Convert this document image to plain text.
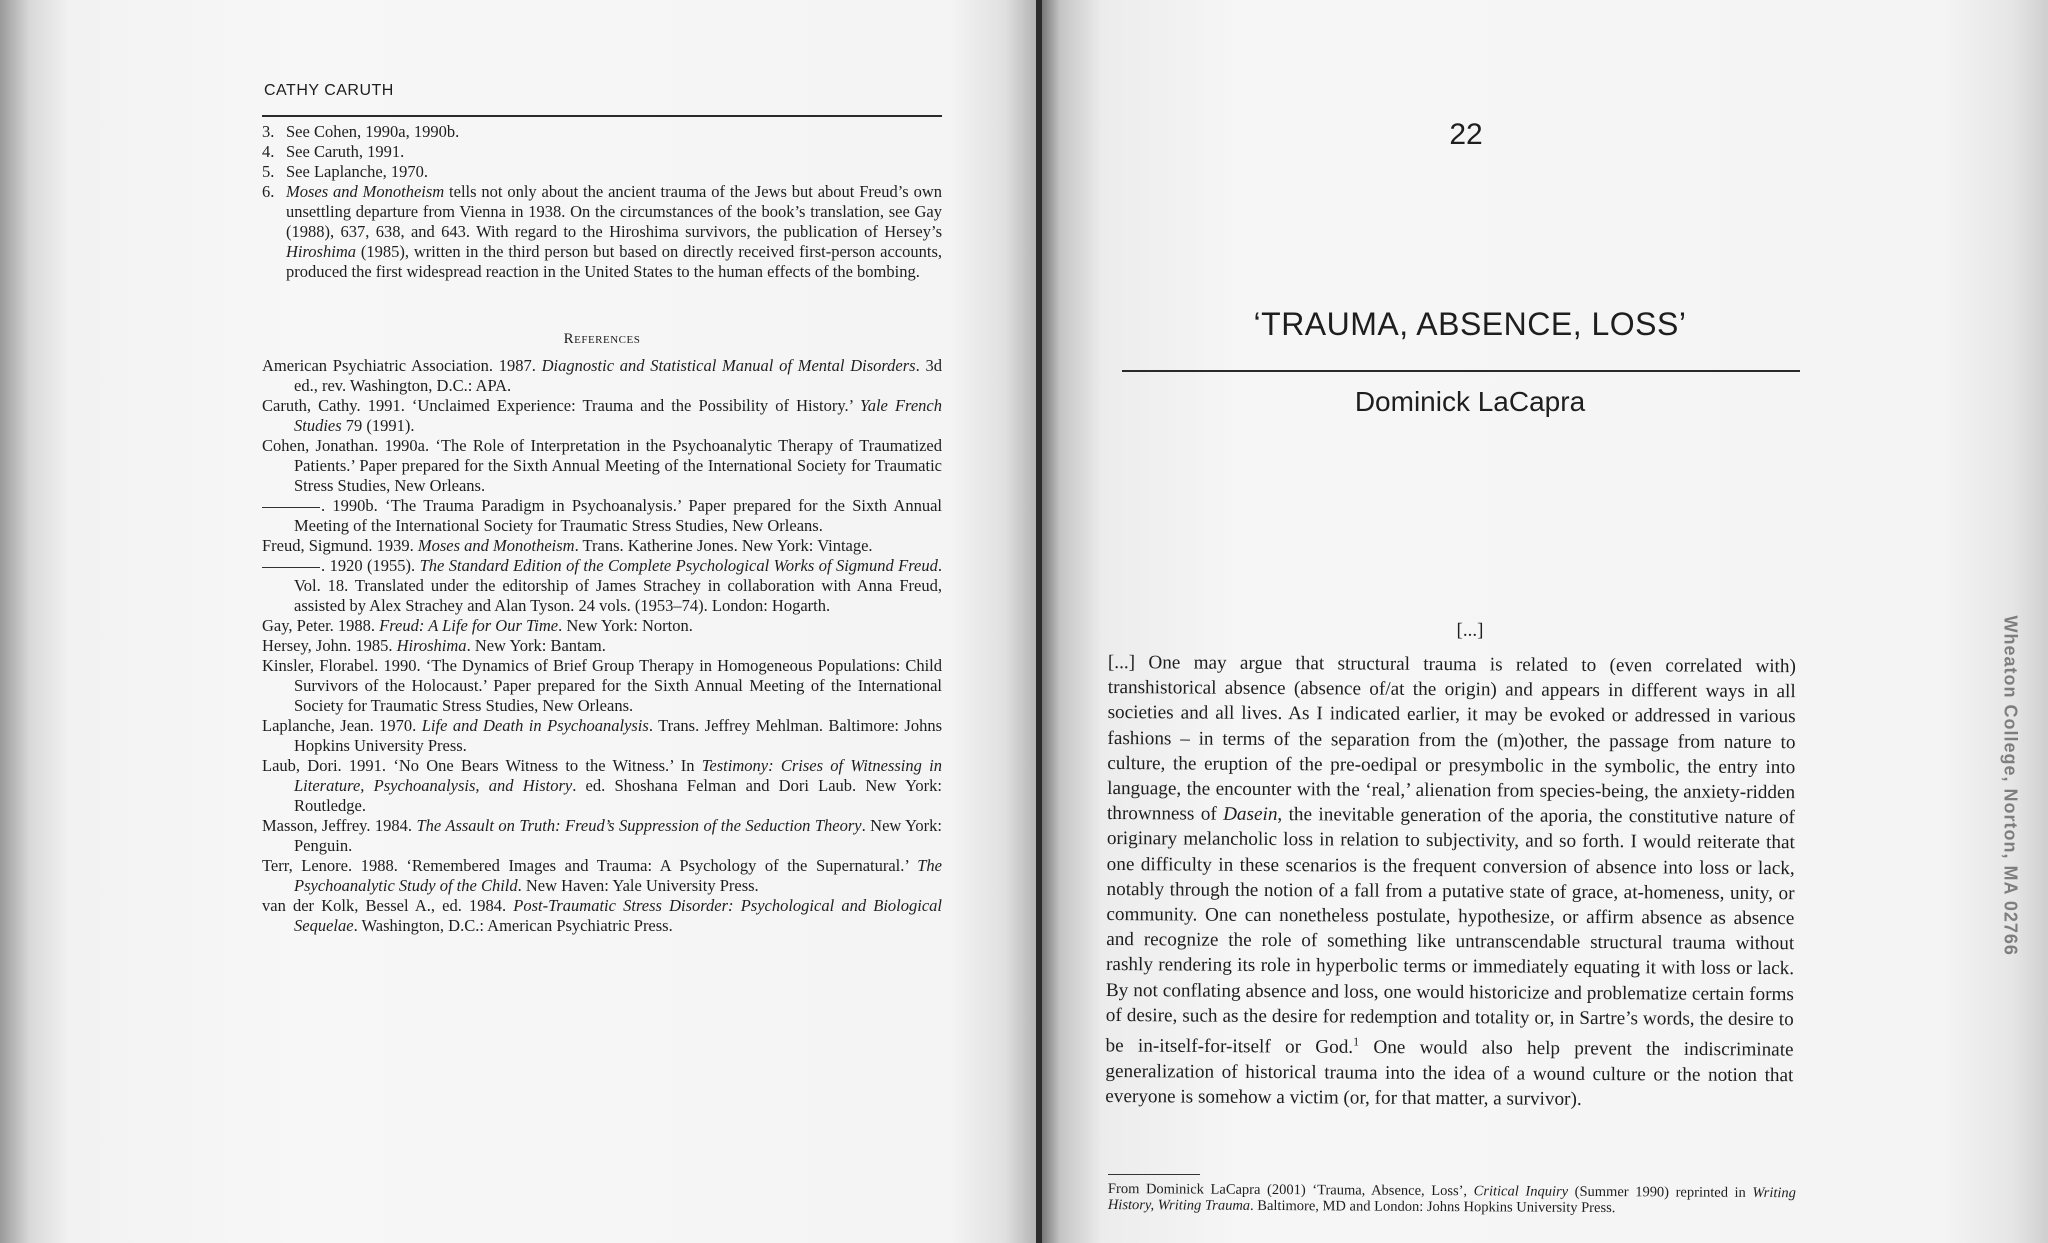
CATHY CARUTH
3. See Cohen, 1990a, 1990b.
4. See Caruth, 1991.
5. See Laplanche, 1970.
6. Moses and Monotheism tells not only about the ancient trauma of the Jews but about Freud’s own unsettling departure from Vienna in 1938. On the circumstances of the book’s translation, see Gay (1988), 637, 638, and 643. With regard to the Hiroshima survivors, the publication of Hersey’s Hiroshima (1985), written in the third person but based on directly received first-person accounts, produced the first widespread reaction in the United States to the human effects of the bombing.
References
American Psychiatric Association. 1987. Diagnostic and Statistical Manual of Mental Disorders. 3d ed., rev. Washington, D.C.: APA.
Caruth, Cathy. 1991. ‘Unclaimed Experience: Trauma and the Possibility of History.’ Yale French Studies 79 (1991).
Cohen, Jonathan. 1990a. ‘The Role of Interpretation in the Psychoanalytic Therapy of Traumatized Patients.’ Paper prepared for the Sixth Annual Meeting of the International Society for Traumatic Stress Studies, New Orleans.
. 1990b. ‘The Trauma Paradigm in Psychoanalysis.’ Paper prepared for the Sixth Annual Meeting of the International Society for Traumatic Stress Studies, New Orleans.
Freud, Sigmund. 1939. Moses and Monotheism. Trans. Katherine Jones. New York: Vintage.
. 1920 (1955). The Standard Edition of the Complete Psychological Works of Sigmund Freud. Vol. 18. Translated under the editorship of James Strachey in collaboration with Anna Freud, assisted by Alex Strachey and Alan Tyson. 24 vols. (1953–74). London: Hogarth.
Gay, Peter. 1988. Freud: A Life for Our Time. New York: Norton.
Hersey, John. 1985. Hiroshima. New York: Bantam.
Kinsler, Florabel. 1990. ‘The Dynamics of Brief Group Therapy in Homogeneous Populations: Child Survivors of the Holocaust.’ Paper prepared for the Sixth Annual Meeting of the International Society for Traumatic Stress Studies, New Orleans.
Laplanche, Jean. 1970. Life and Death in Psychoanalysis. Trans. Jeffrey Mehlman. Baltimore: Johns Hopkins University Press.
Laub, Dori. 1991. ‘No One Bears Witness to the Witness.’ In Testimony: Crises of Witnessing in Literature, Psychoanalysis, and History. ed. Shoshana Felman and Dori Laub. New York: Routledge.
Masson, Jeffrey. 1984. The Assault on Truth: Freud’s Suppression of the Seduction Theory. New York: Penguin.
Terr, Lenore. 1988. ‘Remembered Images and Trauma: A Psychology of the Supernatural.’ The Psychoanalytic Study of the Child. New Haven: Yale University Press.
van der Kolk, Bessel A., ed. 1984. Post-Traumatic Stress Disorder: Psychological and Biological Sequelae. Washington, D.C.: American Psychiatric Press.
22
‘TRAUMA, ABSENCE, LOSS’
Dominick LaCapra
[...]
[...] One may argue that structural trauma is related to (even correlated with) transhistorical absence (absence of/at the origin) and appears in different ways in all societies and all lives. As I indicated earlier, it may be evoked or addressed in various fashions – in terms of the separation from the (m)other, the passage from nature to culture, the eruption of the pre-oedipal or presymbolic in the symbolic, the entry into language, the encounter with the ‘real,’ alienation from species-being, the anxiety-ridden thrownness of Dasein, the inevitable generation of the aporia, the constitutive nature of originary melancholic loss in relation to subjectivity, and so forth. I would reiterate that one difficulty in these scenarios is the frequent conversion of absence into loss or lack, notably through the notion of a fall from a putative state of grace, at-homeness, unity, or community. One can nonetheless postulate, hypothesize, or affirm absence as absence and recognize the role of something like untranscendable structural trauma without rashly rendering its role in hyperbolic terms or immediately equating it with loss or lack. By not conflating absence and loss, one would historicize and problematize certain forms of desire, such as the desire for redemption and totality or, in Sartre’s words, the desire to be in-itself-for-itself or God.$^1$ One would also help prevent the indiscriminate generalization of historical trauma into the idea of a wound culture or the notion that everyone is somehow a victim (or, for that matter, a survivor).
From Dominick LaCapra (2001) ‘Trauma, Absence, Loss’, Critical Inquiry (Summer 1990) reprinted in Writing History, Writing Trauma. Baltimore, MD and London: Johns Hopkins University Press.
Wheaton College, Norton, MA 02766
